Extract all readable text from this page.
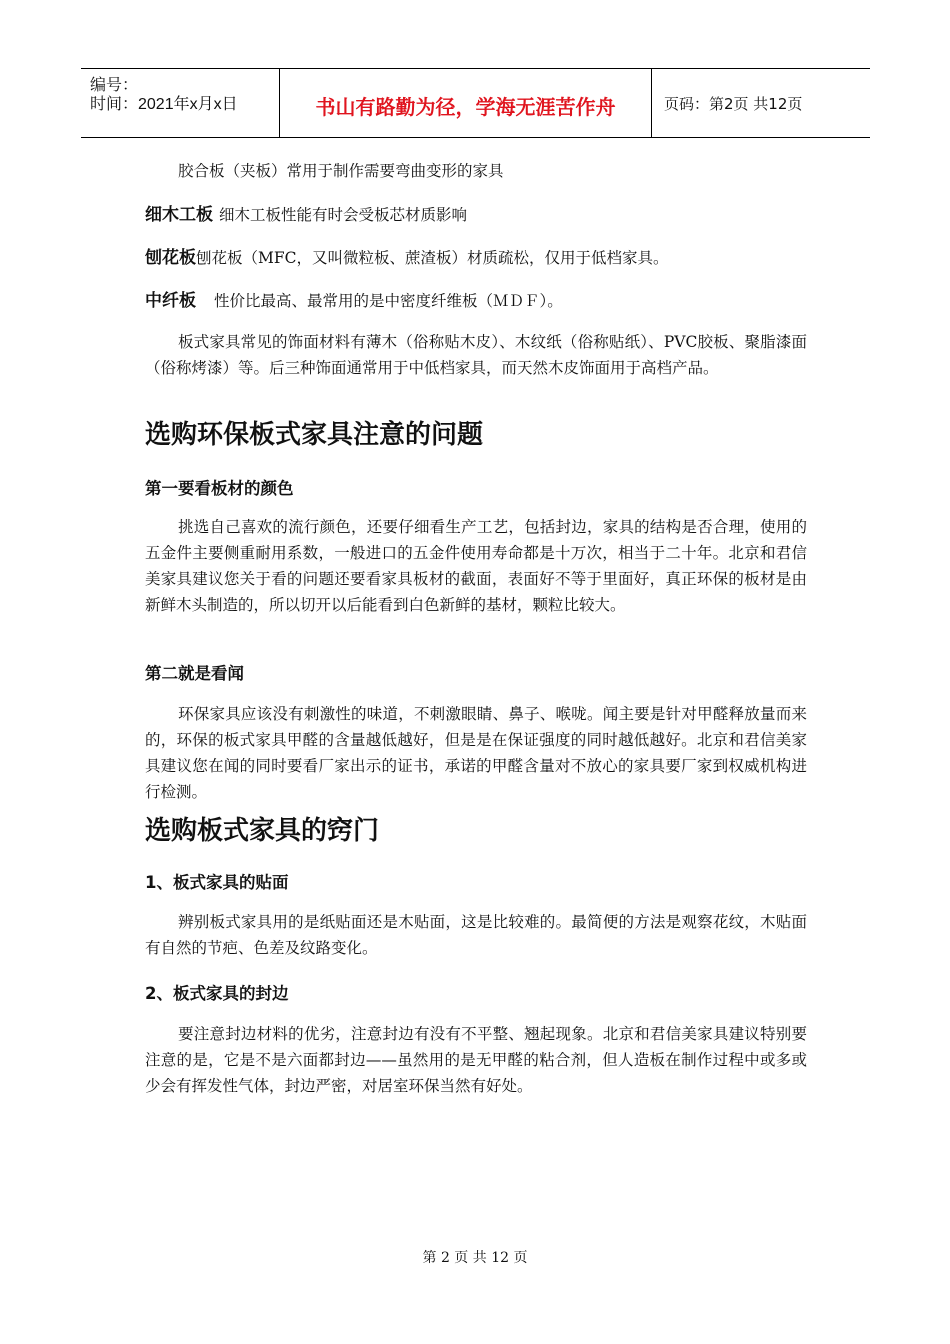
编号：
时间：2021年x月x日	书山有路勤为径，学海无涯苦作舟	页码：第2页 共12页

胶合板（夹板）常用于制作需要弯曲变形的家具

细木工板 细木工板性能有时会受板芯材质影响

刨花板刨花板（MFC，又叫微粒板、蔗渣板）材质疏松，仅用于低档家具。

中纤板 性价比最高、最常用的是中密度纤维板（ＭＤＦ）。

板式家具常见的饰面材料有薄木（俗称贴木皮）、木纹纸（俗称贴纸）、PVC胶板、聚脂漆面（俗称烤漆）等。后三种饰面通常用于中低档家具，而天然木皮饰面用于高档产品。

选购环保板式家具注意的问题
第一要看板材的颜色

挑选自己喜欢的流行颜色，还要仔细看生产工艺，包括封边，家具的结构是否合理，使用的五金件主要侧重耐用系数，一般进口的五金件使用寿命都是十万次，相当于二十年。北京和君信美家具建议您关于看的问题还要看家具板材的截面，表面好不等于里面好，真正环保的板材是由新鲜木头制造的，所以切开以后能看到白色新鲜的基材，颗粒比较大。

第二就是看闻

环保家具应该没有刺激性的味道，不刺激眼睛、鼻子、喉咙。闻主要是针对甲醛释放量而来的，环保的板式家具甲醛的含量越低越好，但是是在保证强度的同时越低越好。北京和君信美家具建议您在闻的同时要看厂家出示的证书，承诺的甲醛含量对不放心的家具要厂家到权威机构进行检测。

选购板式家具的窍门
1、板式家具的贴面

辨别板式家具用的是纸贴面还是木贴面，这是比较难的。最简便的方法是观察花纹，木贴面有自然的节疤、色差及纹路变化。

2、板式家具的封边

要注意封边材料的优劣，注意封边有没有不平整、翘起现象。北京和君信美家具建议特别要注意的是，它是不是六面都封边——虽然用的是无甲醛的粘合剂，但人造板在制作过程中或多或少会有挥发性气体，封边严密，对居室环保当然有好处。

第 2 页 共 12 页
